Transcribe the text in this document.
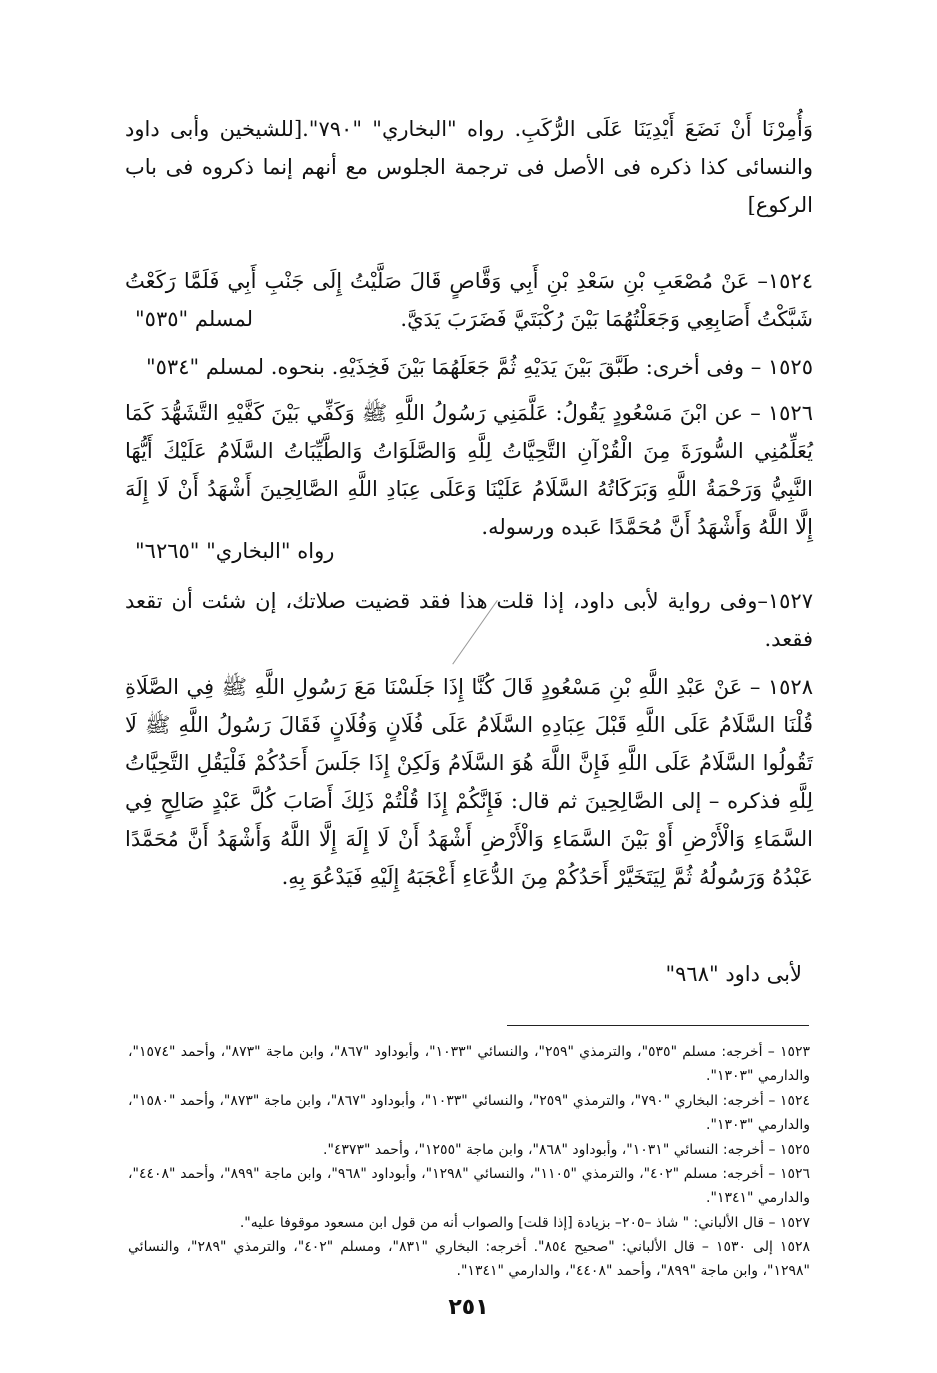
وَأُمِرْنَا أَنْ نَضَعَ أَيْدِيَنَا عَلَى الرُّكَبِ. رواه "البخاري" "٧٩٠".[للشيخين وأبى داود والنسائى كذا ذكره فى الأصل فى ترجمة الجلوس مع أنهم إنما ذكروه فى باب الركوع]
١٥٢٤– عَنْ مُصْعَبِ بْنِ سَعْدِ بْنِ أَبِي وَقَّاصٍ قَالَ صَلَّيْتُ إِلَى جَنْبِ أَبِي فَلَمَّا رَكَعْتُ شَبَّكْتُ أَصَابِعِي وَجَعَلْتُهُمَا بَيْنَ رُكْبَتَيَّ فَضَرَبَ يَدَيَّ.
لمسلم "٥٣٥"
١٥٢٥ – وفى أخرى: طَبَّقَ بَيْنَ يَدَيْهِ ثُمَّ جَعَلَهُمَا بَيْنَ فَخِذَيْهِ. بنحوه. لمسلم "٥٣٤"
١٥٢٦ – عن ابْنَ مَسْعُودٍ يَقُولُ: عَلَّمَنِي رَسُولُ اللَّهِ ﷺ وَكَفِّي بَيْنَ كَفَّيْهِ التَّشَهُّدَ كَمَا يُعَلِّمُنِي السُّورَةَ مِنَ الْقُرْآنِ التَّحِيَّاتُ لِلَّهِ وَالصَّلَوَاتُ وَالطَّيِّبَاتُ السَّلَامُ عَلَيْكَ أَيُّهَا النَّبِيُّ وَرَحْمَةُ اللَّهِ وَبَرَكَاتُهُ السَّلَامُ عَلَيْنَا وَعَلَى عِبَادِ اللَّهِ الصَّالِحِينَ أَشْهَدُ أَنْ لَا إِلَهَ إِلَّا اللَّهُ وَأَشْهَدُ أَنَّ مُحَمَّدًا عَبده ورسوله.
رواه "البخاري" "٦٢٦٥"
١٥٢٧–وفى رواية لأبى داود، إذا قلت هذا فقد قضيت صلاتك، إن شئت أن تقعد فقعد.
١٥٢٨ – عَنْ عَبْدِ اللَّهِ بْنِ مَسْعُودٍ قَالَ كُنَّا إِذَا جَلَسْنَا مَعَ رَسُولِ اللَّهِ ﷺ فِي الصَّلَاةِ قُلْنَا السَّلَامُ عَلَى اللَّهِ قَبْلَ عِبَادِهِ السَّلَامُ عَلَى فُلَانٍ وَفُلَانٍ فَقَالَ رَسُولُ اللَّهِ ﷺ لَا تَقُولُوا السَّلَامُ عَلَى اللَّهِ فَإِنَّ اللَّهَ هُوَ السَّلَامُ وَلَكِنْ إِذَا جَلَسَ أَحَدُكُمْ فَلْيَقُلِ التَّحِيَّاتُ لِلَّهِ فذكره – إلى الصَّالِحِينَ ثم قال: فَإِنَّكُمْ إِذَا قُلْتُمْ ذَلِكَ أَصَابَ كُلَّ عَبْدٍ صَالِحٍ فِي السَّمَاءِ وَالْأَرْضِ أَوْ بَيْنَ السَّمَاءِ وَالْأَرْضِ أَشْهَدُ أَنْ لَا إِلَهَ إِلَّا اللَّهُ وَأَشْهَدُ أَنَّ مُحَمَّدًا عَبْدُهُ وَرَسُولُهُ ثُمَّ لِيَتَخَيَّرْ أَحَدُكُمْ مِنَ الدُّعَاءِ أَعْجَبَهُ إِلَيْهِ فَيَدْعُوَ بِهِ.
لأبى داود "٩٦٨"
١٥٢٣ – أخرجه: مسلم "٥٣٥"، والترمذي "٢٥٩"، والنسائي "١٠٣٣"، وأبوداود "٨٦٧"، وابن ماجة "٨٧٣"، وأحمد "١٥٧٤"، والدارمي "١٣٠٣".
١٥٢٤ – أخرجه: البخاري "٧٩٠"، والترمذي "٢٥٩"، والنسائي "١٠٣٣"، وأبوداود "٨٦٧"، وابن ماجة "٨٧٣"، وأحمد "١٥٨٠"، والدارمي "١٣٠٣".
١٥٢٥ – أخرجه: النسائي "١٠٣١"، وأبوداود "٨٦٨"، وابن ماجة "١٢٥٥"، وأحمد "٤٣٧٣".
١٥٢٦ – أخرجه: مسلم "٤٠٢"، والترمذي "١١٠٥"، والنسائي "١٢٩٨"، وأبوداود "٩٦٨"، وابن ماجة "٨٩٩"، وأحمد "٤٤٠٨"، والدارمي "١٣٤١".
١٥٢٧ – قال الألباني: " شاذ –٢٠٥– بزيادة [إذا قلت] والصواب أنه من قول ابن مسعود موقوفا عليه".
١٥٢٨ إلى ١٥٣٠ – قال الألباني: "صحيح ٨٥٤". أخرجه: البخاري "٨٣١"، ومسلم "٤٠٢"، والترمذي "٢٨٩"، والنسائي "١٢٩٨"، وابن ماجة "٨٩٩"، وأحمد "٤٤٠٨"، والدارمي "١٣٤١".
٢٥١
